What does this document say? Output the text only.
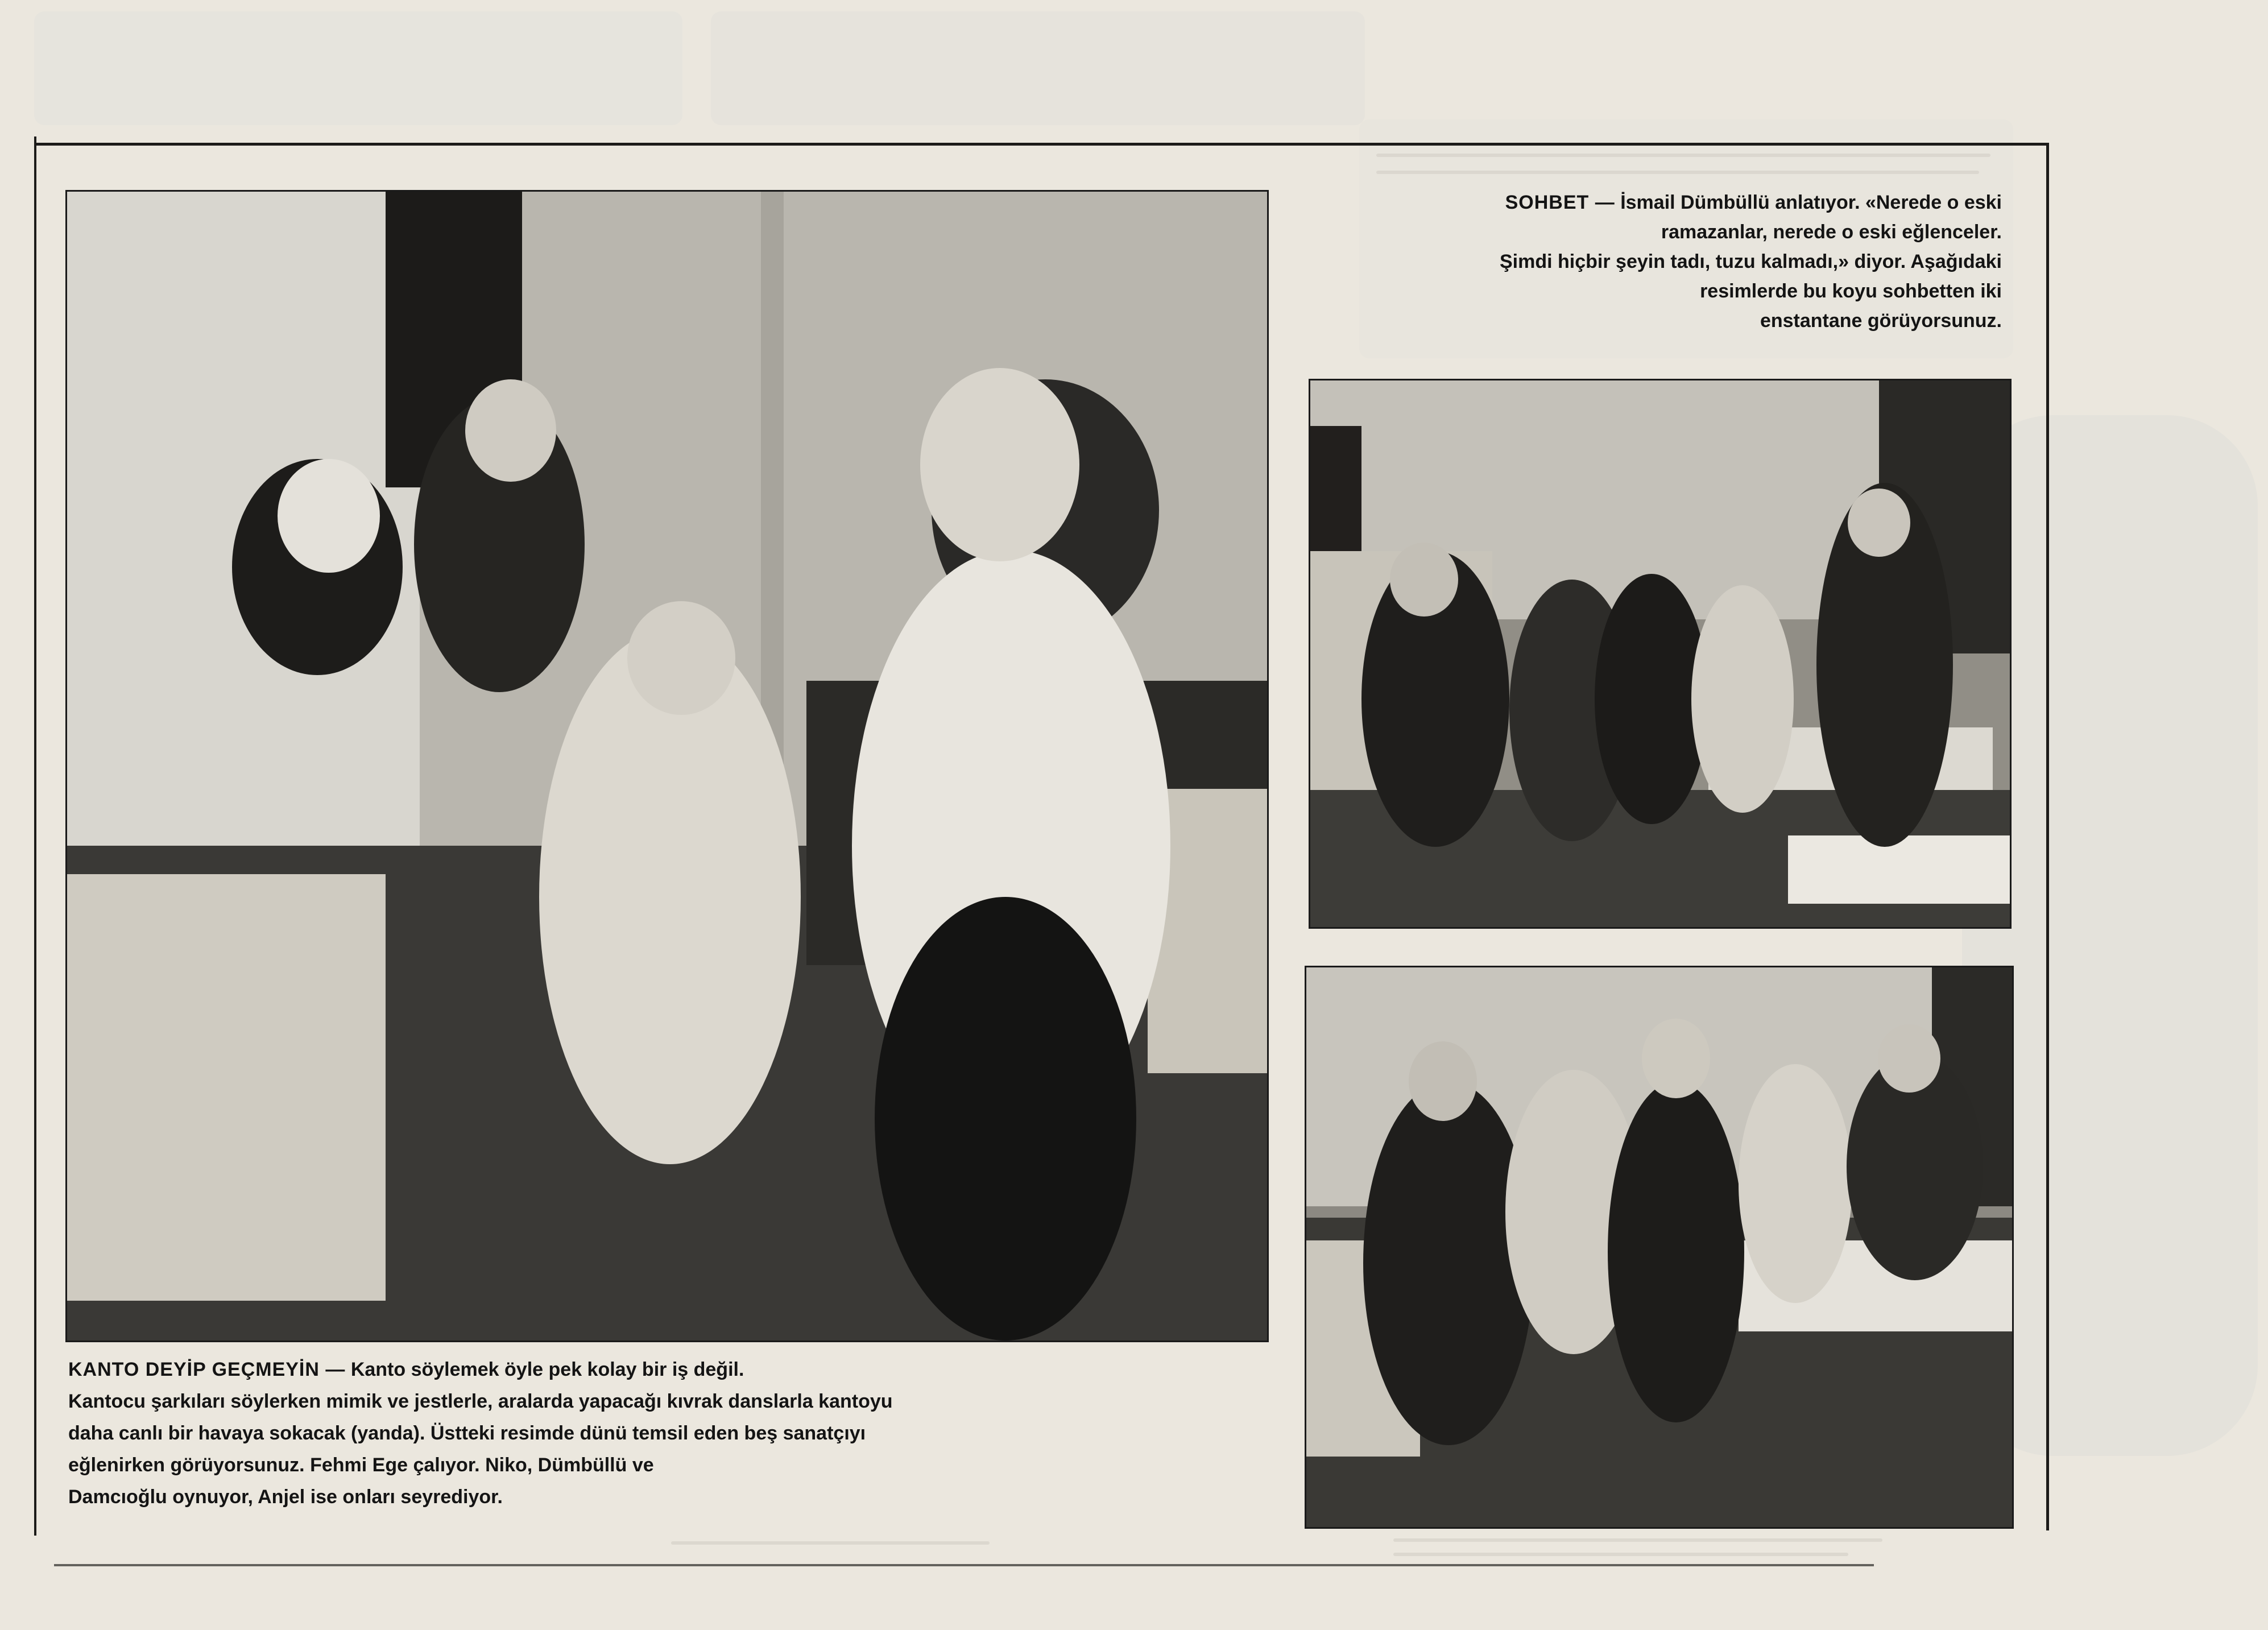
SOHBET — İsmail Dümbüllü anlatıyor. «Nerede o eski

ramazanlar, nerede o eski eğlenceler.

Şimdi hiçbir şeyin tadı, tuzu kalmadı,» diyor. Aşağıdaki

resimlerde bu koyu sohbetten iki

enstantane görüyorsunuz.

KANTO DEYİP GEÇMEYİN — Kanto söylemek öyle pek kolay bir iş değil.

Kantocu şarkıları söylerken mimik ve jestlerle, aralarda yapacağı kıvrak danslarla kantoyu

daha canlı bir havaya sokacak (yanda). Üstteki resimde dünü temsil eden beş sanatçıyı

eğlenirken görüyorsunuz. Fehmi Ege çalıyor. Niko, Dümbüllü ve

Damcıoğlu oynuyor, Anjel ise onları seyrediyor.
